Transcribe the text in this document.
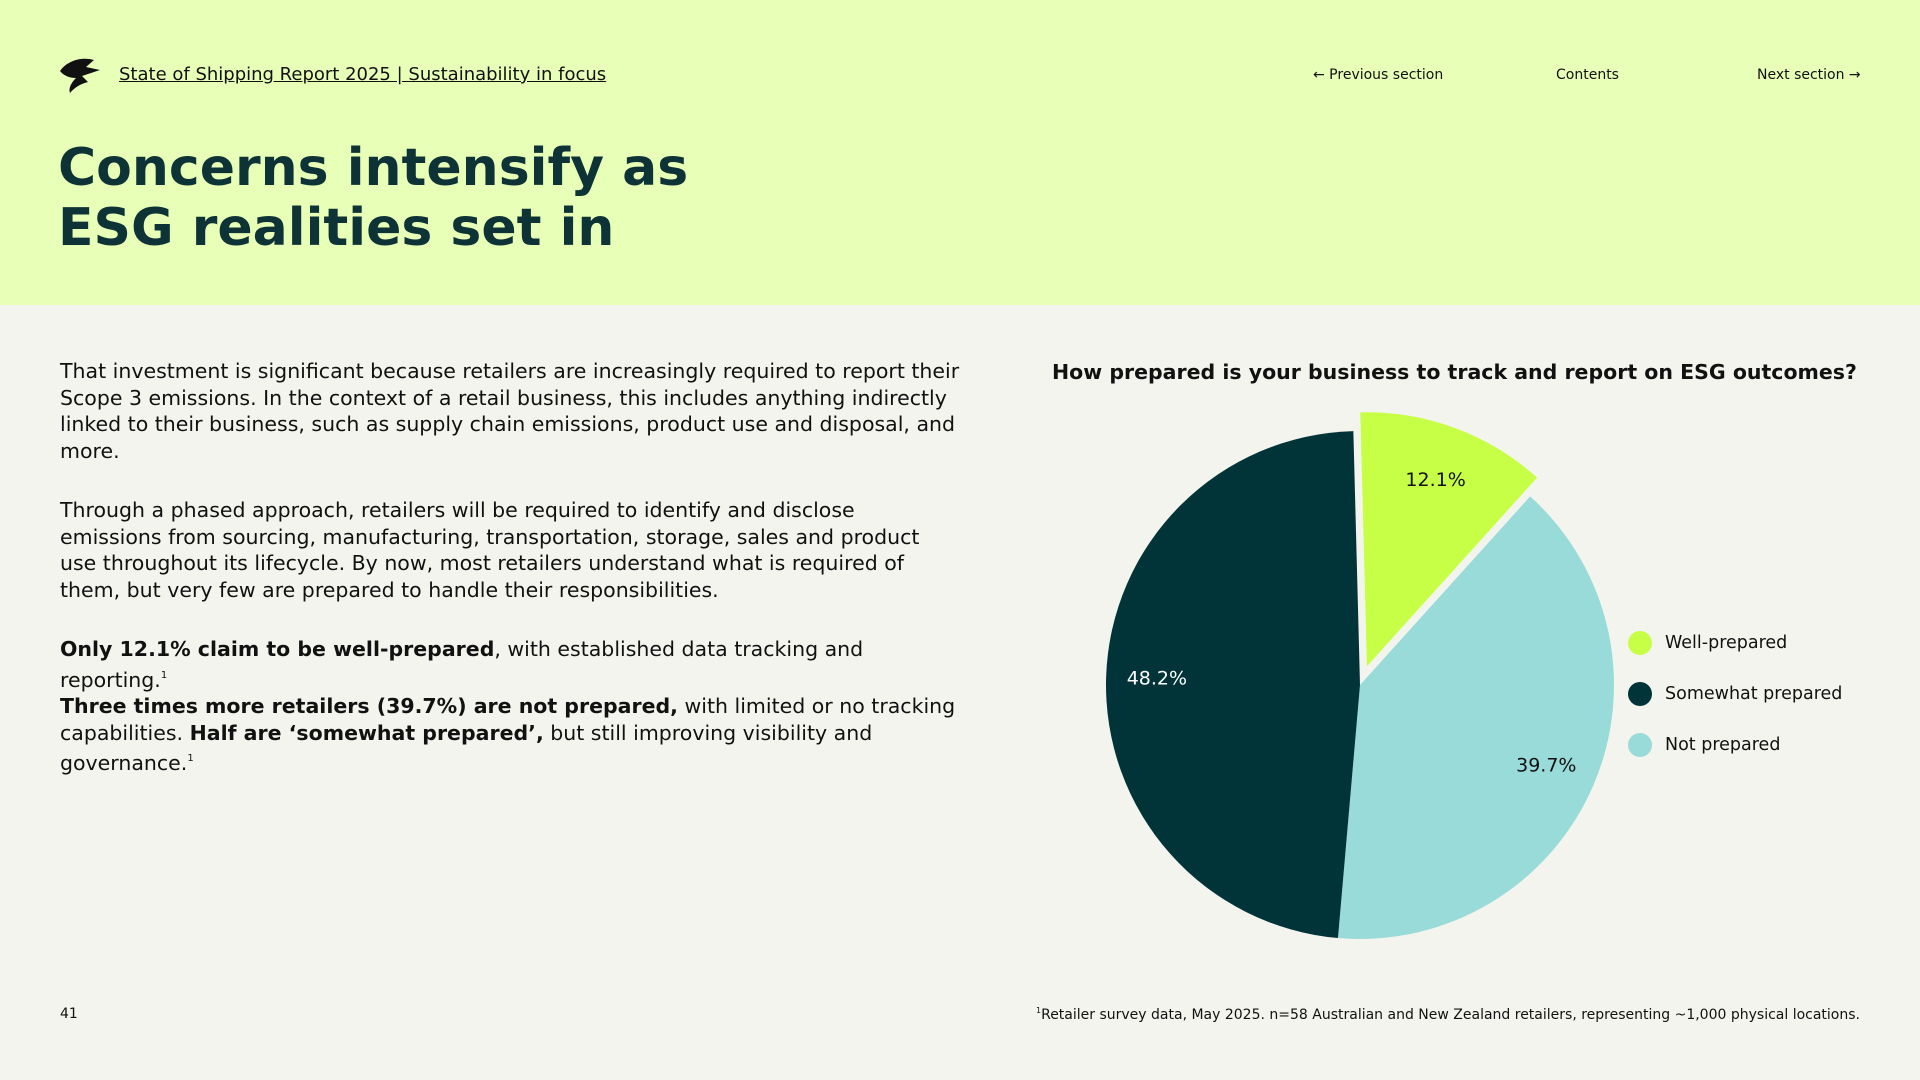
State of Shipping Report 2025 | Sustainability in focus	← Previous section	Contents	Next section →
Concerns intensify as
ESG realities set in

That investment is significant because retailers are increasingly required to report their Scope 3 emissions. In the context of a retail business, this includes anything indirectly linked to their business, such as supply chain emissions, product use and disposal, and more.

Through a phased approach, retailers will be required to identify and disclose emissions from sourcing, manufacturing, transportation, storage, sales and product use throughout its lifecycle. By now, most retailers understand what is required of them, but very few are prepared to handle their responsibilities.

Only 12.1% claim to be well-prepared, with established data tracking and reporting.$^1$
Three times more retailers (39.7%) are not prepared, with limited or no tracking capabilities. Half are ‘somewhat prepared’, but still improving visibility and governance.$^1$

How prepared is your business to track and report on ESG outcomes?
12.1%
39.7%
48.2%
Well-prepared
Somewhat prepared
Not prepared
41	$^1$Retailer survey data, May 2025. n=58 Australian and New Zealand retailers, representing ~1,000 physical locations.
